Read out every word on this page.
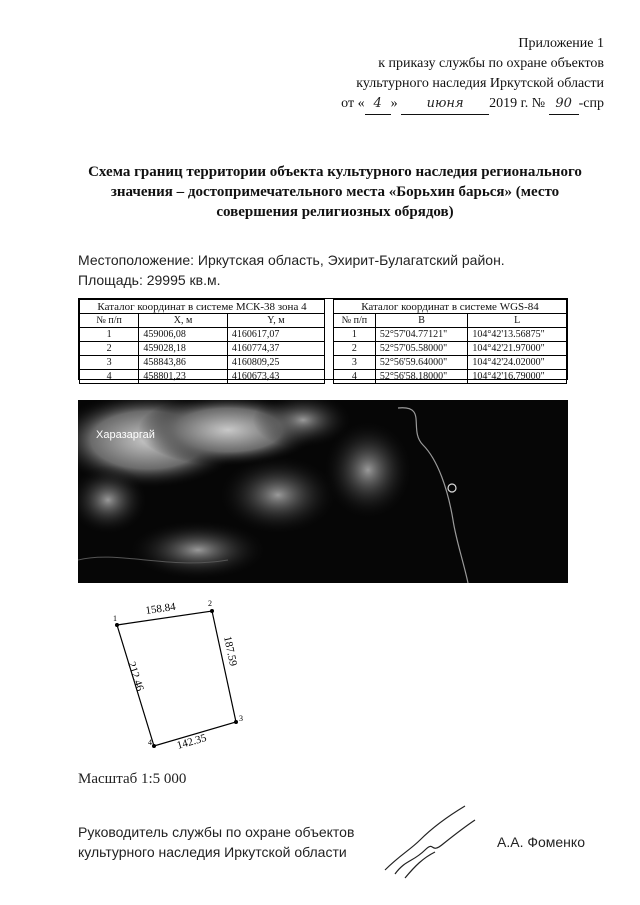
Приложение 1
к приказу службы по охране объектов
культурного наследия Иркутской области
от « 4 » июня 2019 г. № 90 -спр
Схема границ территории объекта культурного наследия регионального
значения – достопримечательного места «Борьхин барься» (место
совершения религиозных обрядов)
Местоположение: Иркутская область, Эхирит-Булагатский район.
Площадь: 29995 кв.м.
Каталог координат в системе МСК-38 зона 4		
№ п/п	X, м	Y, м
1	459006,08	4160617,07
2	459028,18	4160774,37
3	458843,86	4160809,25
4	458801,23	4160673,43
Каталог координат в системе WGS-84		
№ п/п	B	L
1	52°57'04.77121"	104°42'13.56875"
2	52°57'05.58000"	104°42'21.97000"
3	52°56'59.64000"	104°42'24.02000"
4	52°56'58.18000"	104°42'16.79000"
Харазаргай
1
2
3
4
158.84
187.59
142.35
212.46
Масштаб 1:5 000
Руководитель службы по охране объектов
культурного наследия Иркутской области
А.А. Фоменко
